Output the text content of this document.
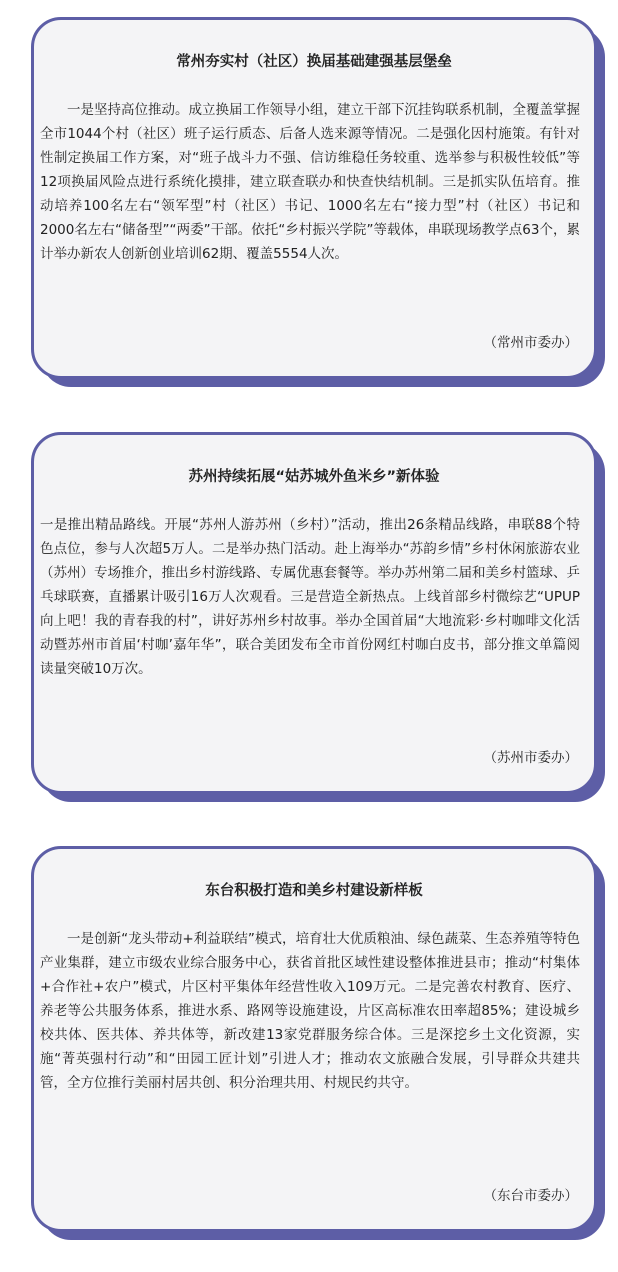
常州夯实村（社区）换届基础建强基层堡垒
一是坚持高位推动。成立换届工作领导小组，建立干部下沉挂钩联系机制，全覆盖掌握全市1044个村（社区）班子运行质态、后备人选来源等情况。二是强化因村施策。有针对性制定换届工作方案，对“班子战斗力不强、信访维稳任务较重、选举参与积极性较低”等12项换届风险点进行系统化摸排，建立联查联办和快查快结机制。三是抓实队伍培育。推动培养100名左右“领军型”村（社区）书记、1000名左右“接力型”村（社区）书记和2000名左右“储备型”“两委”干部。依托“乡村振兴学院”等载体，串联现场教学点63个，累计举办新农人创新创业培训62期、覆盖5554人次。
（常州市委办）
苏州持续拓展“姑苏城外鱼米乡”新体验
一是推出精品路线。开展“苏州人游苏州（乡村）”活动，推出26条精品线路，串联88个特色点位，参与人次超5万人。二是举办热门活动。赴上海举办“苏韵乡情”乡村休闲旅游农业（苏州）专场推介，推出乡村游线路、专属优惠套餐等。举办苏州第二届和美乡村篮球、乒乓球联赛，直播累计吸引16万人次观看。三是营造全新热点。上线首部乡村微综艺“UPUP向上吧！我的青春我的村”，讲好苏州乡村故事。举办全国首届“大地流彩·乡村咖啡文化活动暨苏州市首届‘村咖’嘉年华”，联合美团发布全市首份网红村咖白皮书，部分推文单篇阅读量突破10万次。
（苏州市委办）
东台积极打造和美乡村建设新样板
一是创新“龙头带动+利益联结”模式，培育壮大优质粮油、绿色蔬菜、生态养殖等特色产业集群，建立市级农业综合服务中心，获省首批区域性建设整体推进县市；推动“村集体+合作社+农户”模式，片区村平集体年经营性收入109万元。二是完善农村教育、医疗、养老等公共服务体系，推进水系、路网等设施建设，片区高标准农田率超85%；建设城乡校共体、医共体、养共体等，新改建13家党群服务综合体。三是深挖乡土文化资源，实施“菁英强村行动”和“田园工匠计划”引进人才；推动农文旅融合发展，引导群众共建共管，全方位推行美丽村居共创、积分治理共用、村规民约共守。
（东台市委办）
